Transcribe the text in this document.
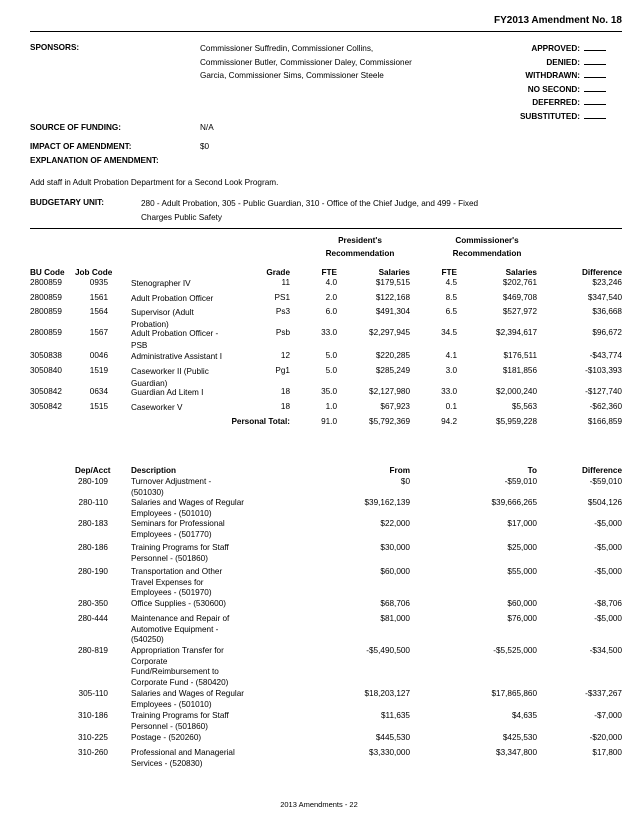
FY2013 Amendment No. 18
SPONSORS:	Commissioner Suffredin, Commissioner Collins,
Commissioner Butler, Commissioner Daley, Commissioner
Garcia, Commissioner Sims, Commissioner Steele
APPROVED:
DENIED:
WITHDRAWN:
NO SECOND:
DEFERRED:
SUBSTITUTED:
SOURCE OF FUNDING:	N/A
IMPACT OF AMENDMENT:	$0
EXPLANATION OF AMENDMENT:
Add staff in Adult Probation Department for a Second Look Program.
BUDGETARY UNIT:	280 - Adult Probation, 305 - Public Guardian, 310 - Office of the Chief Judge, and 499 - Fixed
Charges Public Safety
President's
Recommendation
Commissioner's
Recommendation
BU Code Job Code	Grade	FTE	Salaries	FTE	Salaries	Difference
2800859	0935	Stenographer IV	11	4.0	$179,515	4.5	$202,761	$23,246
2800859	1561	Adult Probation Officer	PS1	2.0	$122,168	8.5	$469,708	$347,540
2800859	1564	Supervisor (Adult Probation)
Ps3	6.0	$491,304	6.5	$527,972	$36,668
2800859	1567	Adult Probation Officer - PSB
Psb	33.0	$2,297,945	34.5	$2,394,617	$96,672
3050838	0046	Administrative Assistant I	12	5.0	$220,285	4.1	$176,511	-$43,774
3050840	1519	Caseworker II (Public Guardian)
Pg1	5.0	$285,249	3.0	$181,856	-$103,393
3050842	0634	Guardian Ad Litem I	18	35.0	$2,127,980	33.0	$2,000,240	-$127,740
3050842	1515	Caseworker V	18	1.0	$67,923	0.1	$5,563	-$62,360
Personal Total:	91.0	$5,792,369	94.2	$5,959,228	$166,859
Dep/Acct	Description	From	To	Difference
280-109	Turnover Adjustment -
(501030)
$0	-$59,010	-$59,010
280-110	Salaries and Wages of Regular
Employees - (501010)
$39,162,139	$39,666,265	$504,126
280-183	Seminars for Professional
Employees - (501770)
$22,000	$17,000	-$5,000
280-186	Training Programs for Staff
Personnel - (501860)
$30,000	$25,000	-$5,000
280-190	Transportation and Other
Travel Expenses for
Employees - (501970)
$60,000	$55,000	-$5,000
280-350	Office Supplies - (530600)	$68,706	$60,000	-$8,706
280-444	Maintenance and Repair of
Automotive Equipment -
(540250)
$81,000	$76,000	-$5,000
280-819	Appropriation Transfer for
Corporate
Fund/Reimbursement to
Corporate Fund - (580420)
-$5,490,500	-$5,525,000	-$34,500
305-110	Salaries and Wages of Regular
Employees - (501010)
$18,203,127	$17,865,860	-$337,267
310-186	Training Programs for Staff
Personnel - (501860)
$11,635	$4,635	-$7,000
310-225	Postage - (520260)	$445,530	$425,530	-$20,000
310-260	Professional and Managerial
Services - (520830)
$3,330,000	$3,347,800	$17,800
2013 Amendments - 22
